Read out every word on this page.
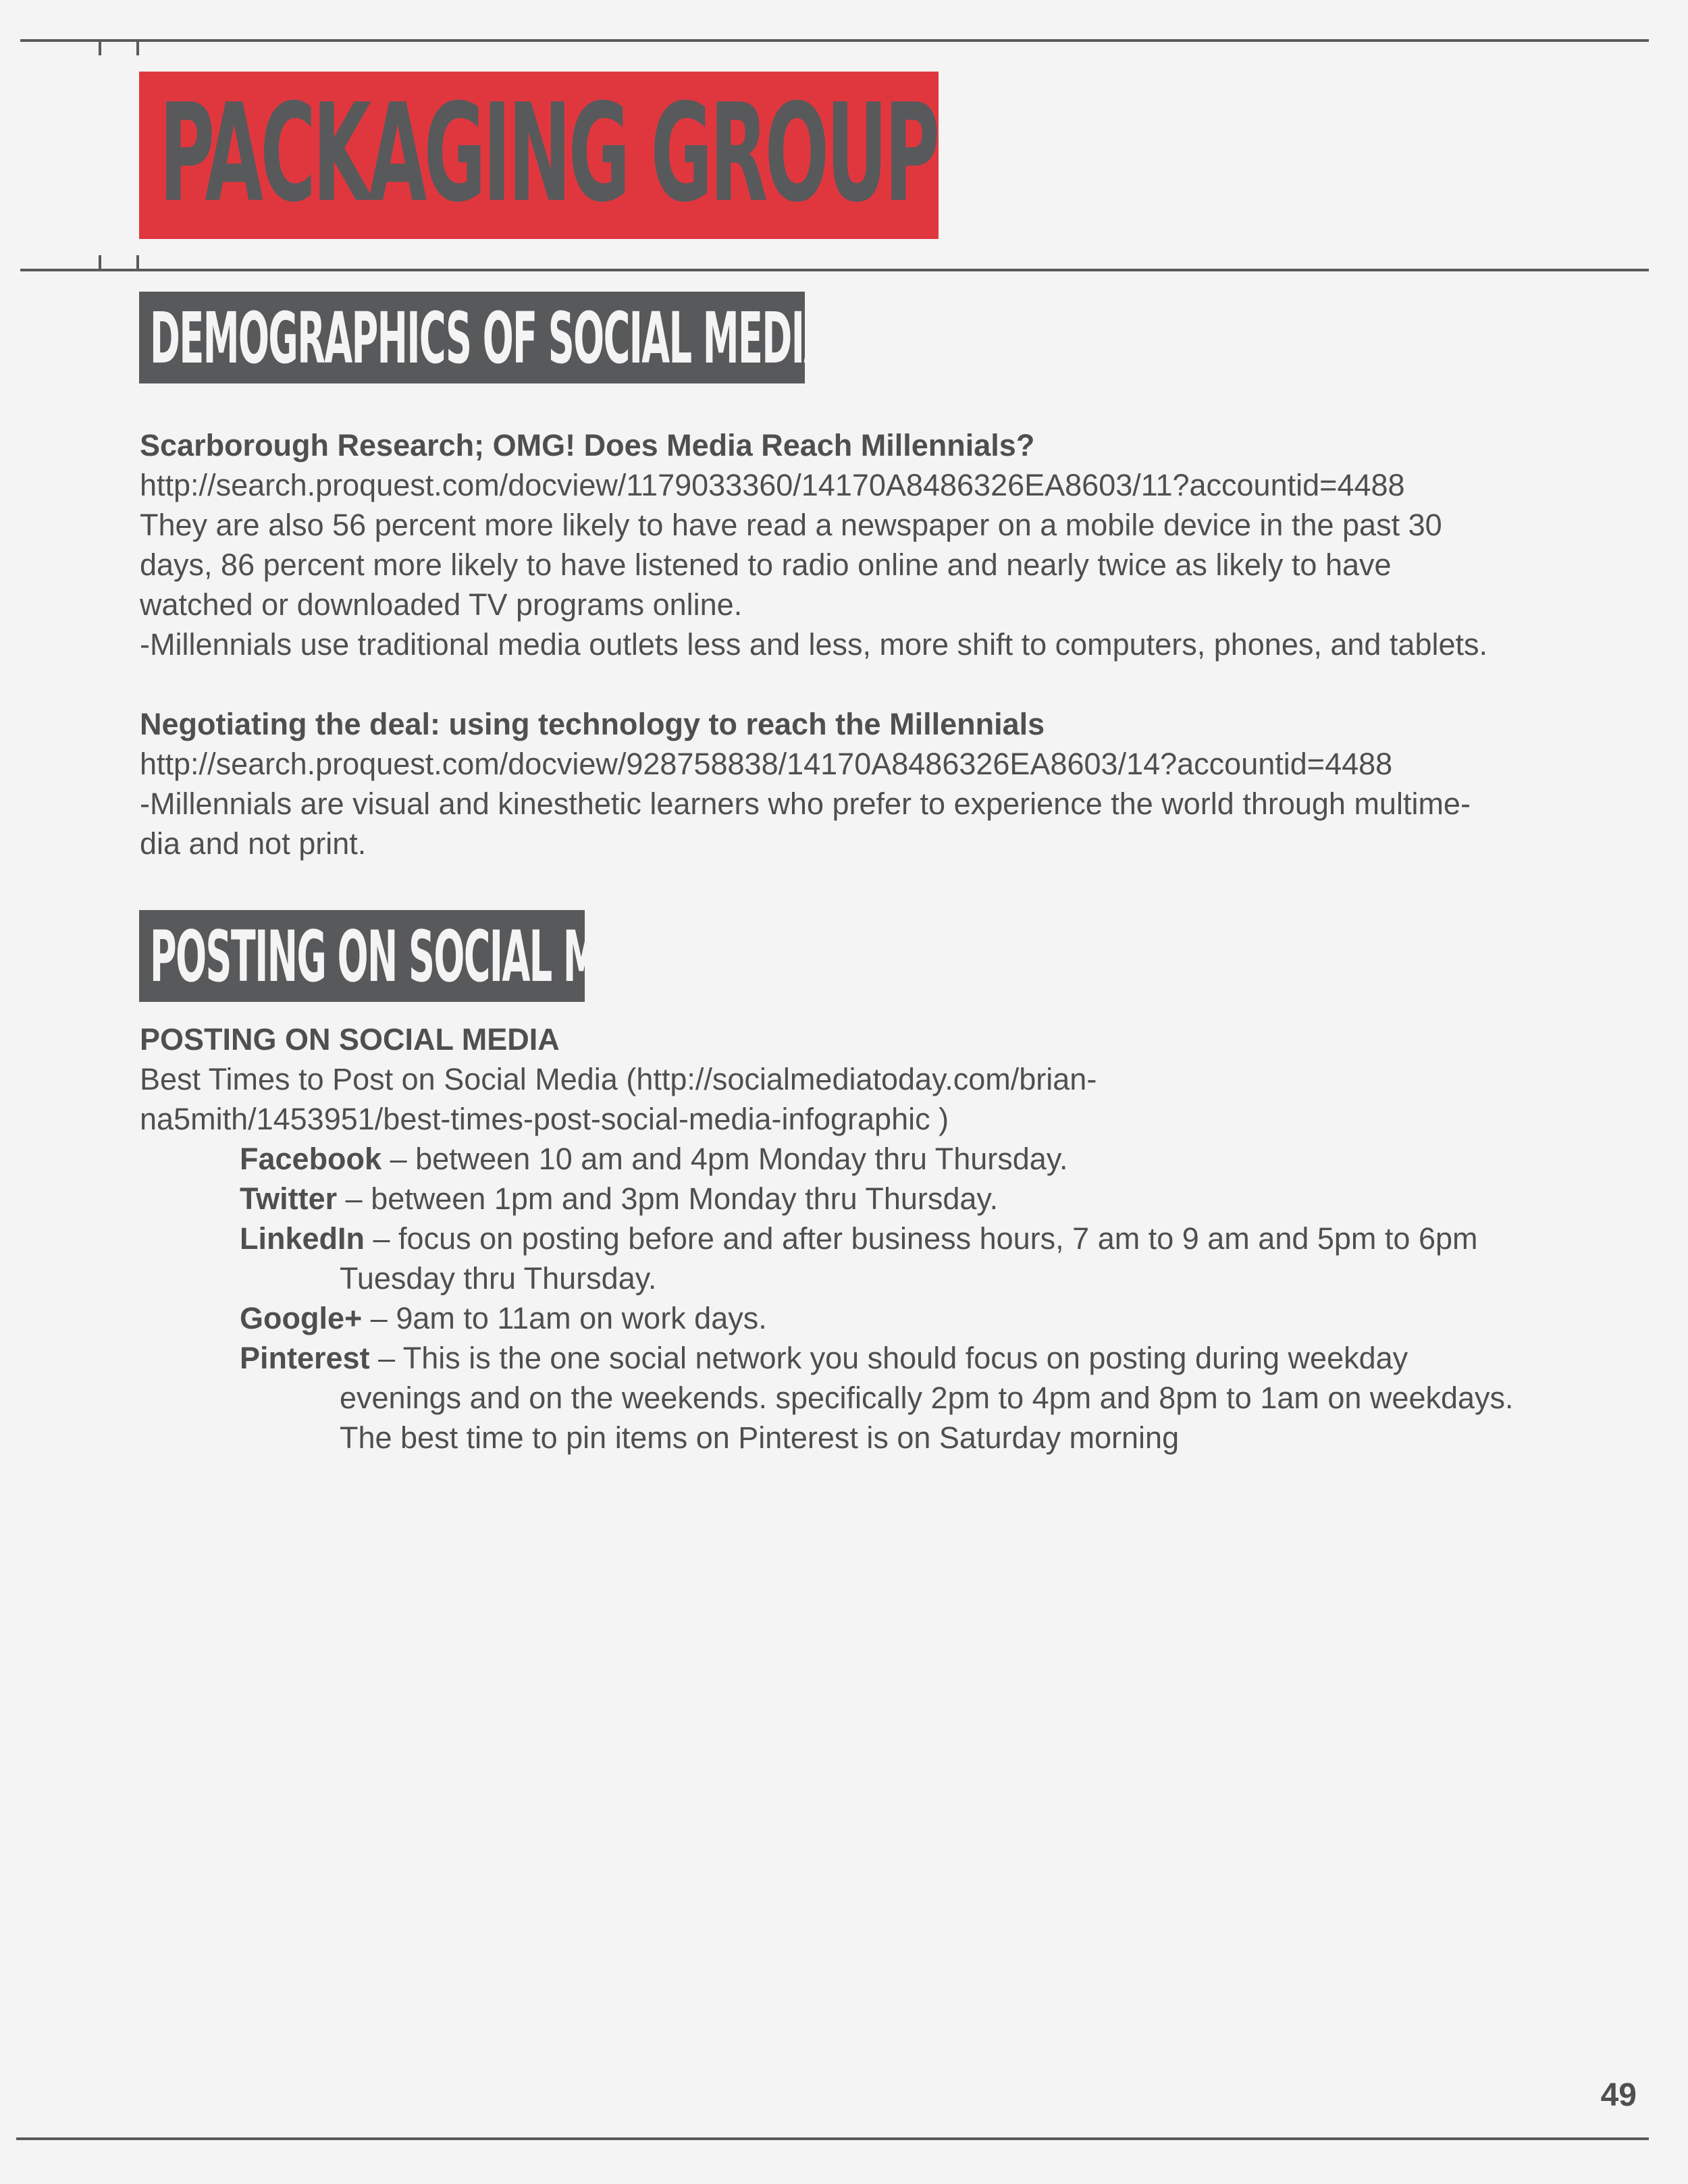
PACKAGING GROUP
DEMOGRAPHICS OF SOCIAL MEDIA USERS

Scarborough Research; OMG! Does Media Reach Millennials?

http://search.proquest.com/docview/1179033360/14170A8486326EA8603/11?accountid=4488

They are also 56 percent more likely to have read a newspaper on a mobile device in the past 30

days, 86 percent more likely to have listened to radio online and nearly twice as likely to have

watched or downloaded TV programs online.

-Millennials use traditional media outlets less and less, more shift to computers, phones, and tablets.

Negotiating the deal: using technology to reach the Millennials

http://search.proquest.com/docview/928758838/14170A8486326EA8603/14?accountid=4488

-Millennials are visual and kinesthetic learners who prefer to experience the world through multime-

dia and not print.

POSTING ON SOCIAL MEDIA

POSTING ON SOCIAL MEDIA

Best Times to Post on Social Media (http://socialmediatoday.com/brian-

na5mith/1453951/best-times-post-social-media-infographic )

Facebook – between 10 am and 4pm Monday thru Thursday.

Twitter – between 1pm and 3pm Monday thru Thursday.

LinkedIn – focus on posting before and after business hours, 7 am to 9 am and 5pm to 6pm

Tuesday thru Thursday.

Google+ – 9am to 11am on work days.

Pinterest – This is the one social network you should focus on posting during weekday

evenings and on the weekends. specifically 2pm to 4pm and 8pm to 1am on weekdays.

The best time to pin items on Pinterest is on Saturday morning

49
